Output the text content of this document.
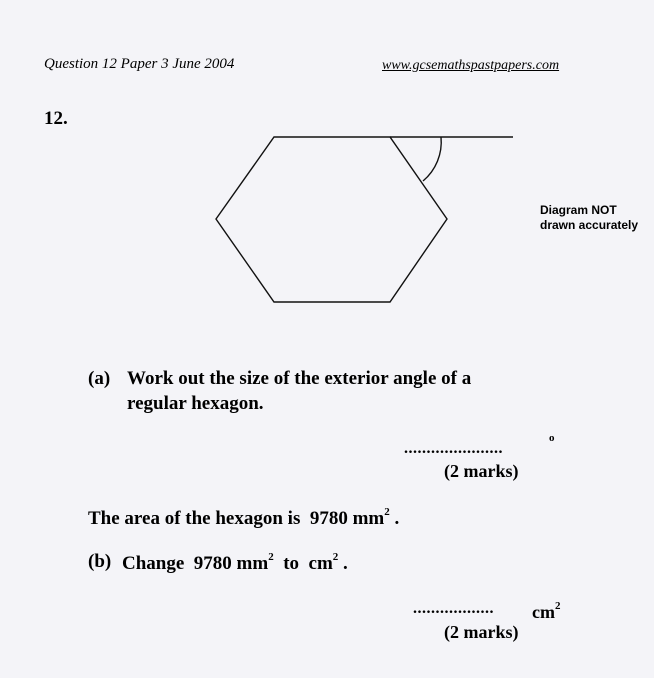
Question 12 Paper 3 June 2004	www.gcsemathspastpapers.com
12.
Diagram NOT
drawn accurately
(a) Work out the size of the exterior angle of a
regular hexagon.
......................
o
(2 marks)
The area of the hexagon is 9780 $mm^2$ .
(b) Change 9780 $mm^2$ to $cm^2$ .
.................. $cm^2$
(2 marks)
